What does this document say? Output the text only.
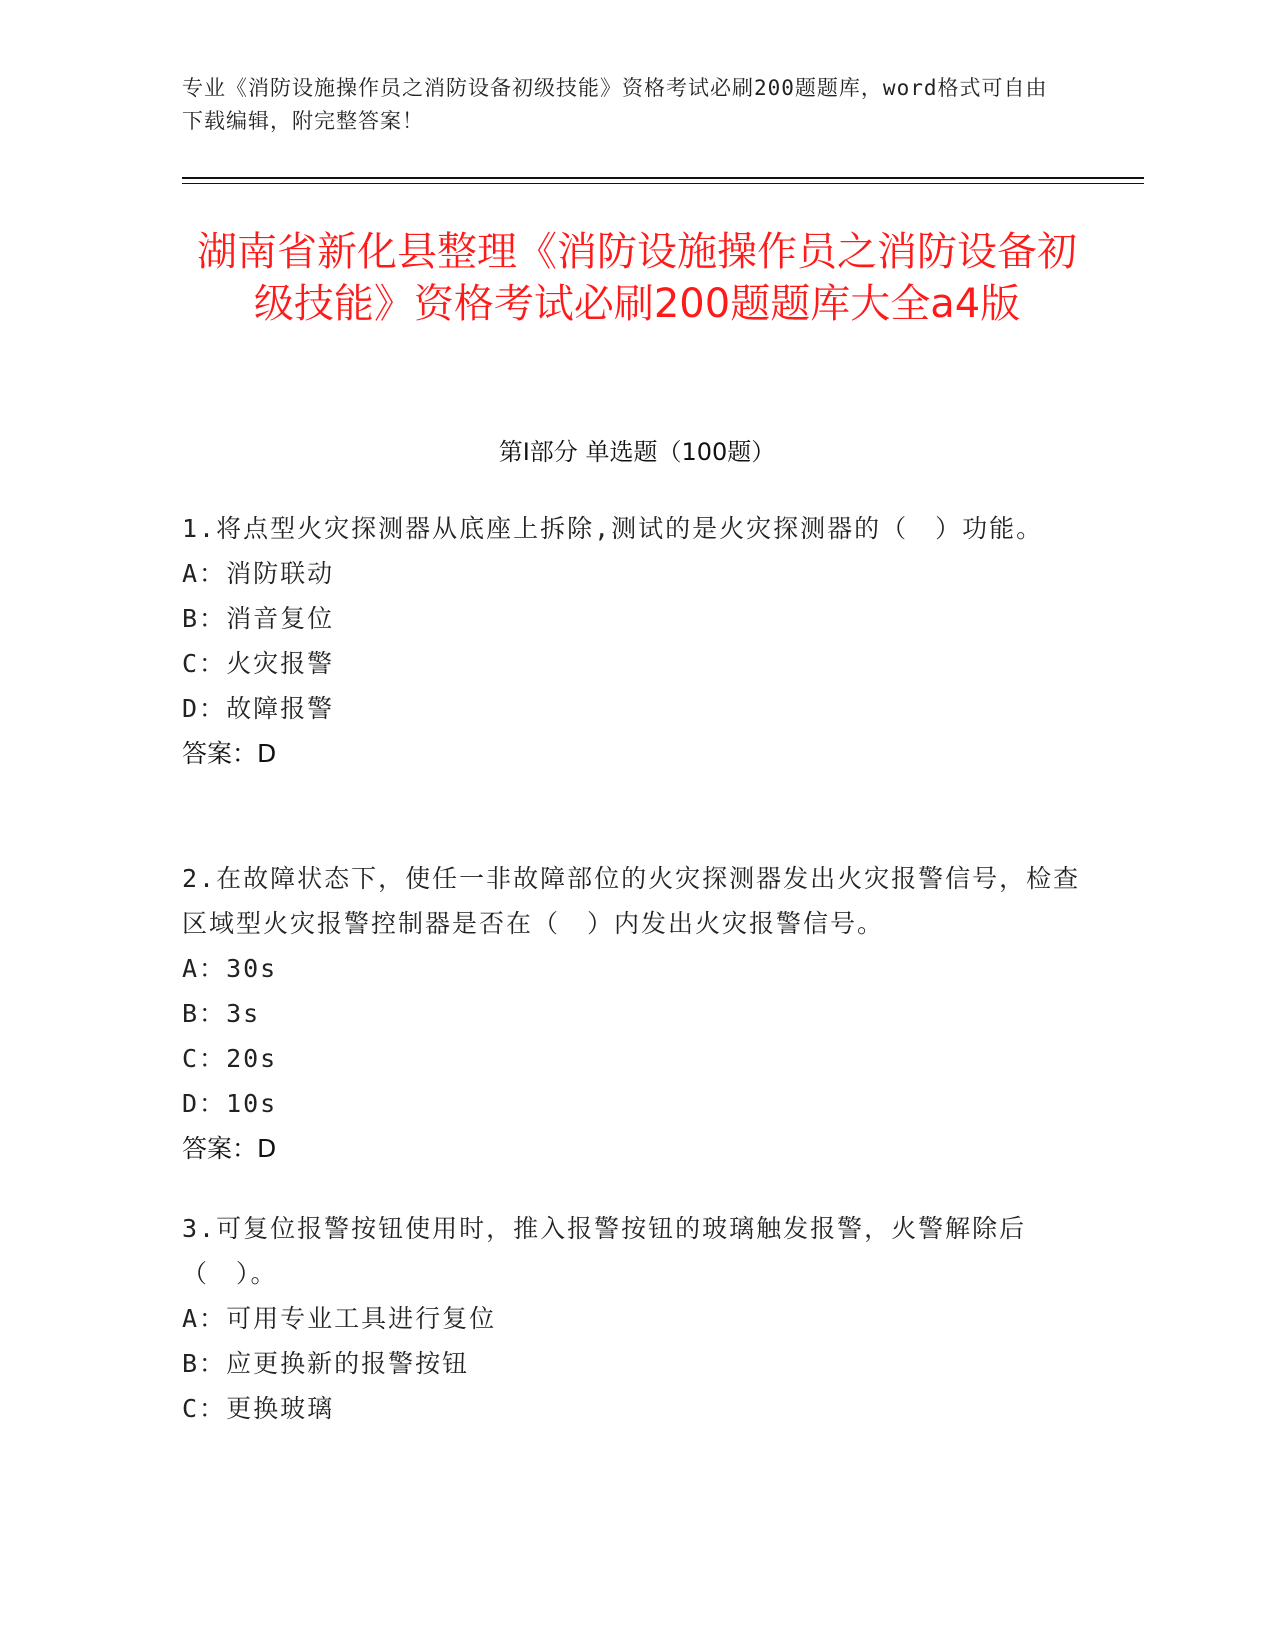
专业《消防设施操作员之消防设备初级技能》资格考试必刷200题题库，word格式可自由下载编辑，附完整答案！
湖南省新化县整理《消防设施操作员之消防设备初级技能》资格考试必刷200题题库大全a4版
第Ⅰ部分 单选题（100题）
1.将点型火灾探测器从底座上拆除,测试的是火灾探测器的（　）功能。
A：消防联动
B：消音复位
C：火灾报警
D：故障报警
答案：D
2.在故障状态下，使任一非故障部位的火灾探测器发出火灾报警信号，检查区域型火灾报警控制器是否在（　）内发出火灾报警信号。
A：30s
B：3s
C：20s
D：10s
答案：D
3.可复位报警按钮使用时，推入报警按钮的玻璃触发报警，火警解除后（　）。
A：可用专业工具进行复位
B：应更换新的报警按钮
C：更换玻璃
